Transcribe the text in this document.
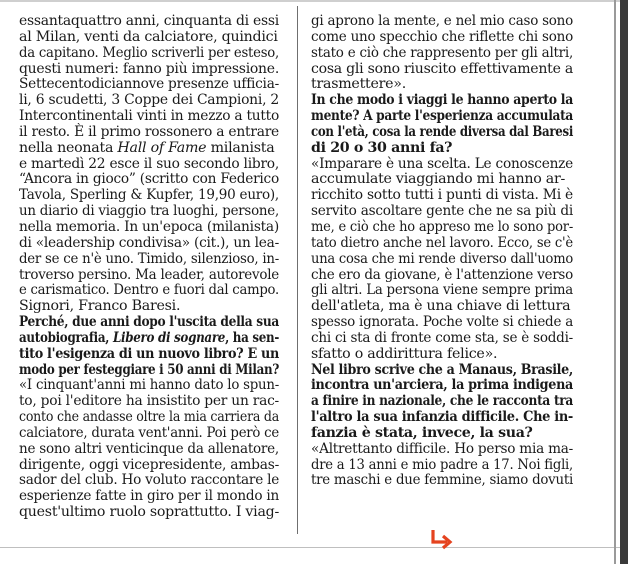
essantaquattro anni, cinquanta di essi
al Milan, venti da calciatore, quindici
da capitano. Meglio scriverli per esteso,
questi numeri: fanno più impressione.
Settecentodiciannove presenze ufficia-
li, 6 scudetti, 3 Coppe dei Campioni, 2
Intercontinentali vinti in mezzo a tutto
il resto. È il primo rossonero a entrare
nella neonata Hall of Fame milanista
e martedì 22 esce il suo secondo libro,
“Ancora in gioco” (scritto con Federico
Tavola, Sperling & Kupfer, 19,90 euro),
un diario di viaggio tra luoghi, persone,
nella memoria. In un'epoca (milanista)
di «leadership condivisa» (cit.), un lea-
der se ce n'è uno. Timido, silenzioso, in-
troverso persino. Ma leader, autorevole
e carismatico. Dentro e fuori dal campo.
Signori, Franco Baresi.
Perché, due anni dopo l'uscita della sua
autobiografia, Libero di sognare, ha sen-
tito l'esigenza di un nuovo libro? E un
modo per festeggiare i 50 anni di Milan?
«I cinquant'anni mi hanno dato lo spun-
to, poi l'editore ha insistito per un rac-
conto che andasse oltre la mia carriera da
calciatore, durata vent'anni. Poi però ce
ne sono altri venticinque da allenatore,
dirigente, oggi vicepresidente, ambas-
sador del club. Ho voluto raccontare le
esperienze fatte in giro per il mondo in
quest'ultimo ruolo soprattutto. I viag-
gi aprono la mente, e nel mio caso sono
come uno specchio che riflette chi sono
stato e ciò che rappresento per gli altri,
cosa gli sono riuscito effettivamente a
trasmettere».
In che modo i viaggi le hanno aperto la
mente? A parte l'esperienza accumulata
con l'età, cosa la rende diversa dal Baresi
di 20 o 30 anni fa?
«Imparare è una scelta. Le conoscenze
accumulate viaggiando mi hanno ar-
ricchito sotto tutti i punti di vista. Mi è
servito ascoltare gente che ne sa più di
me, e ciò che ho appreso me lo sono por-
tato dietro anche nel lavoro. Ecco, se c'è
una cosa che mi rende diverso dall'uomo
che ero da giovane, è l'attenzione verso
gli altri. La persona viene sempre prima
dell'atleta, ma è una chiave di lettura
spesso ignorata. Poche volte si chiede a
chi ci sta di fronte come sta, se è soddi-
sfatto o addirittura felice».
Nel libro scrive che a Manaus, Brasile,
incontra un'arciera, la prima indigena
a finire in nazionale, che le racconta tra
l'altro la sua infanzia difficile. Che in-
fanzia è stata, invece, la sua?
«Altrettanto difficile. Ho perso mia ma-
dre a 13 anni e mio padre a 17. Noi figli,
tre maschi e due femmine, siamo dovuti
